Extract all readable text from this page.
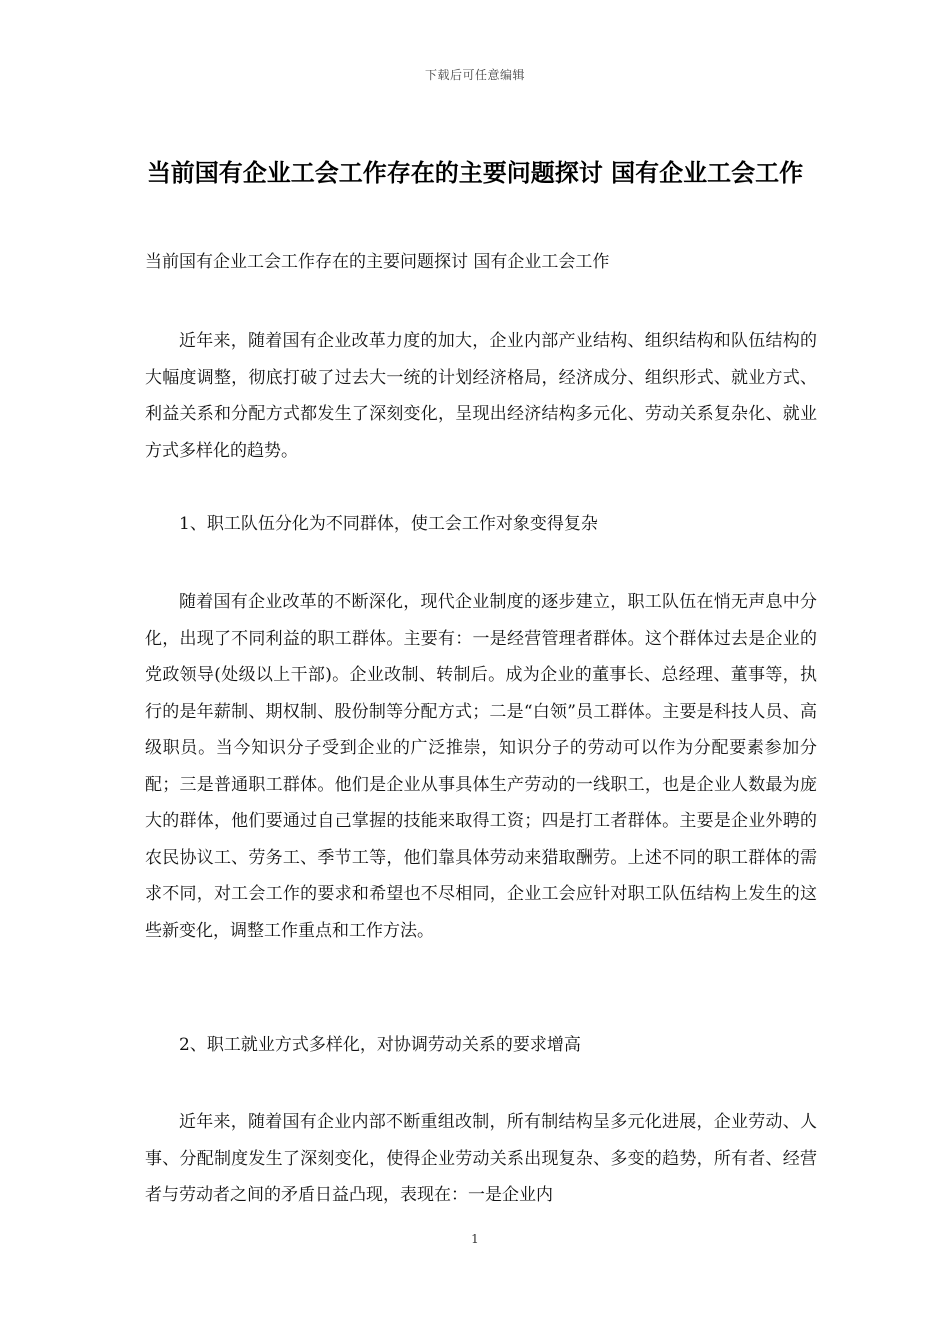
下载后可任意编辑
当前国有企业工会工作存在的主要问题探讨 国有企业工会工作

当前国有企业工会工作存在的主要问题探讨 国有企业工会工作

近年来，随着国有企业改革力度的加大，企业内部产业结构、组织结构和队伍结构的大幅度调整，彻底打破了过去大一统的计划经济格局，经济成分、组织形式、就业方式、利益关系和分配方式都发生了深刻变化，呈现出经济结构多元化、劳动关系复杂化、就业方式多样化的趋势。

1、职工队伍分化为不同群体，使工会工作对象变得复杂

随着国有企业改革的不断深化，现代企业制度的逐步建立，职工队伍在悄无声息中分化，出现了不同利益的职工群体。主要有：一是经营管理者群体。这个群体过去是企业的党政领导(处级以上干部)。企业改制、转制后。成为企业的董事长、总经理、董事等，执行的是年薪制、期权制、股份制等分配方式；二是“白领”员工群体。主要是科技人员、高级职员。当今知识分子受到企业的广泛推崇，知识分子的劳动可以作为分配要素参加分配；三是普通职工群体。他们是企业从事具体生产劳动的一线职工，也是企业人数最为庞大的群体，他们要通过自己掌握的技能来取得工资；四是打工者群体。主要是企业外聘的农民协议工、劳务工、季节工等，他们靠具体劳动来猎取酬劳。上述不同的职工群体的需求不同，对工会工作的要求和希望也不尽相同，企业工会应针对职工队伍结构上发生的这些新变化，调整工作重点和工作方法。

2、职工就业方式多样化，对协调劳动关系的要求增高

近年来，随着国有企业内部不断重组改制，所有制结构呈多元化进展，企业劳动、人事、分配制度发生了深刻变化，使得企业劳动关系出现复杂、多变的趋势，所有者、经营者与劳动者之间的矛盾日益凸现，表现在：一是企业内

1
